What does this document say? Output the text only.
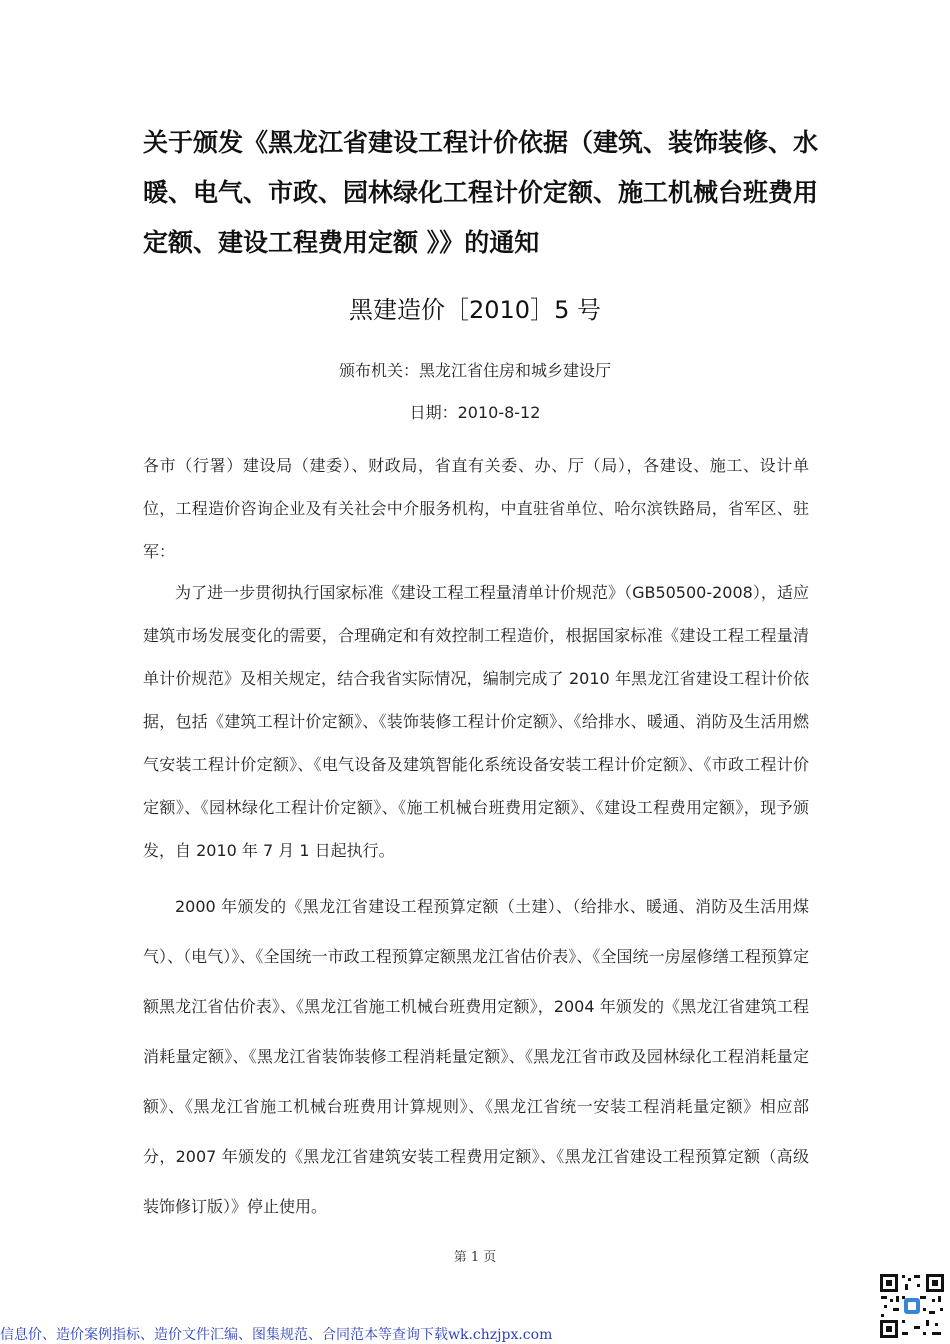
关于颁发《黑龙江省建设工程计价依据（建筑、装饰装修、水暖、电气、市政、园林绿化工程计价定额、施工机械台班费用定额、建设工程费用定额 》》的通知
黑建造价［2010］5 号
颁布机关：黑龙江省住房和城乡建设厅
日期：2010-8-12

各市（行署）建设局（建委）、财政局，省直有关委、办、厅（局），各建设、施工、设计单位，工程造价咨询企业及有关社会中介服务机构，中直驻省单位、哈尔滨铁路局，省军区、驻军：

为了进一步贯彻执行国家标准《建设工程工程量清单计价规范》（GB50500-2008），适应建筑市场发展变化的需要，合理确定和有效控制工程造价，根据国家标准《建设工程工程量清单计价规范》及相关规定，结合我省实际情况，编制完成了 2010 年黑龙江省建设工程计价依据，包括《建筑工程计价定额》、《装饰装修工程计价定额》、《给排水、暖通、消防及生活用燃气安装工程计价定额》、《电气设备及建筑智能化系统设备安装工程计价定额》、《市政工程计价定额》、《园林绿化工程计价定额》、《施工机械台班费用定额》、《建设工程费用定额》，现予颁发，自 2010 年 7 月 1 日起执行。

2000 年颁发的《黑龙江省建设工程预算定额（土建）、（给排水、暖通、消防及生活用煤气）、（电气）》、《全国统一市政工程预算定额黑龙江省估价表》、《全国统一房屋修缮工程预算定额黑龙江省估价表》、《黑龙江省施工机械台班费用定额》，2004 年颁发的《黑龙江省建筑工程消耗量定额》、《黑龙江省装饰装修工程消耗量定额》、《黑龙江省市政及园林绿化工程消耗量定额》、《黑龙江省施工机械台班费用计算规则》、《黑龙江省统一安装工程消耗量定额》相应部分，2007 年颁发的《黑龙江省建筑安装工程费用定额》、《黑龙江省建设工程预算定额（高级装饰修订版）》停止使用。

第 1 页
信息价、造价案例指标、造价文件汇编、图集规范、合同范本等查询下载wk.chzjpx.com
